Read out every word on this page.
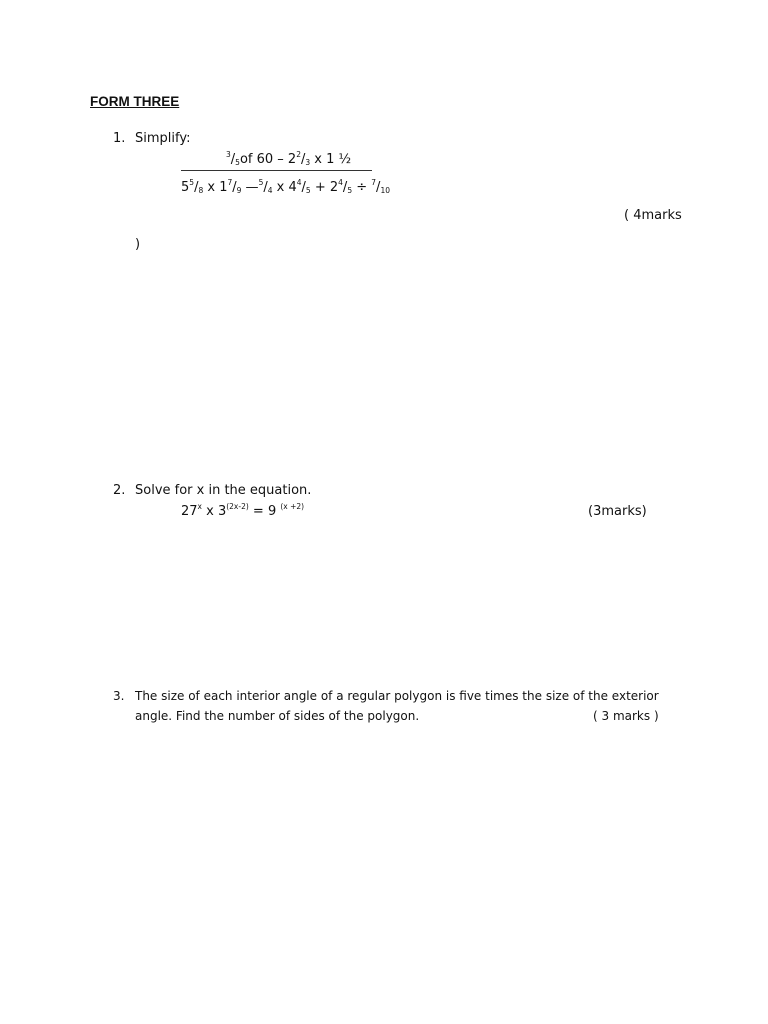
FORM THREE
1. Simplify:
$^3/_5of$ $60 - 2^2/_3$ x 1 ½
$5^5/_8$ x $1^7/_9$ $—^5/_4$ x $4^4/_5 + 2^4/_5 \div ^7/_{10}$
( 4marks
)
2. Solve for x in the equation.
27$^x$ x $3^{(2x-2)} = 9$ $^{(x +2)}$	(3marks)
3. The size of each interior angle of a regular polygon is five times the size of the exterior
angle. Find the number of sides of the polygon.	( 3 marks )
